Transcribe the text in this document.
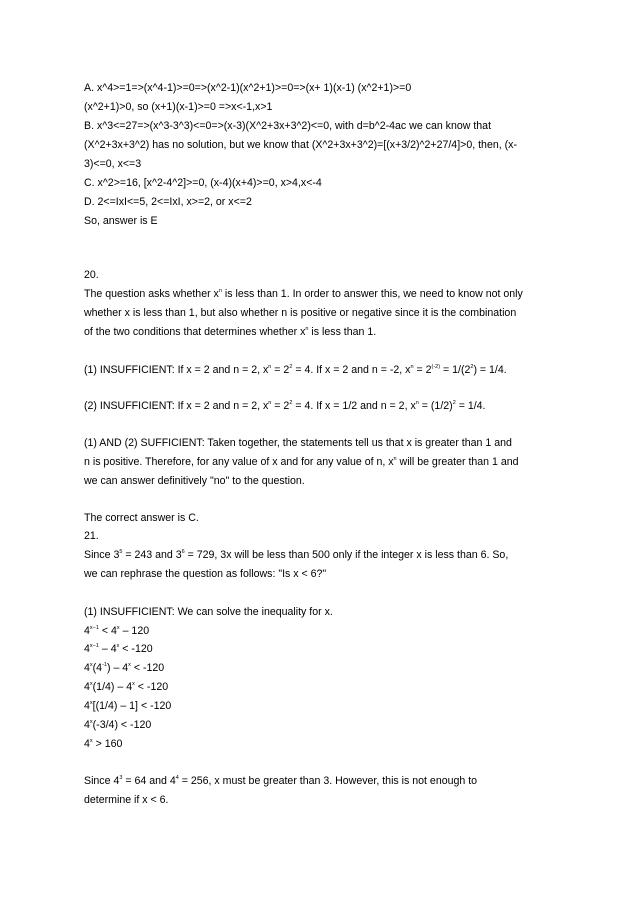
A. x^4>=1=>(x^4-1)>=0=>(x^2-1)(x^2+1)>=0=>(x+ 1)(x-1) (x^2+1)>=0
(x^2+1)>0, so (x+1)(x-1)>=0 =>x<-1,x>1
B. x^3<=27=>(x^3-3^3)<=0=>(x-3)(X^2+3x+3^2)<=0, with d=b^2-4ac we can know that
(X^2+3x+3^2) has no solution, but we know that (X^2+3x+3^2)=[(x+3/2)^2+27/4]>0, then, (x-
3)<=0, x<=3
C. x^2>=16, [x^2-4^2]>=0, (x-4)(x+4)>=0, x>4,x<-4
D. 2<=IxI<=5, 2<=IxI, x>=2, or x<=2
So, answer is E
20.
The question asks whether $x^n$ is less than 1. In order to answer this, we need to know not only
whether x is less than 1, but also whether n is positive or negative since it is the combination
of the two conditions that determines whether $x^n$ is less than 1.
(1) INSUFFICIENT: If x = 2 and n = 2, $x^n = 2^2 = 4$. If x = 2 and n = -2, $x^n = 2^{(-2)} = 1/(2^2) = 1/4$.
(2) INSUFFICIENT: If x = 2 and n = 2, $x^n = 2^2 = 4$. If x = 1/2 and n = 2, $x^n = (1/2)^2 = 1/4$.
(1) AND (2) SUFFICIENT: Taken together, the statements tell us that x is greater than 1 and
n is positive. Therefore, for any value of x and for any value of n, $x^n$ will be greater than 1 and
we can answer definitively "no" to the question.
The correct answer is C.
21.
Since $3^5 = 243$ and $3^6 = 729$, 3x will be less than 500 only if the integer x is less than 6. So,
we can rephrase the question as follows: "Is x < 6?"
(1) INSUFFICIENT: We can solve the inequality for x.
$4^{x-1} < 4^x - 120$
$4^{x-1} - 4^x < -120$
$4^x(4^{-1}) - 4^x < -120$
$4^x(1/4) - 4^x < -120$
4$^x$[(1/4) – 1] < -120
$4^x(-3/4) < -120$
$4^x > 160$
Since $4^3 = 64$ and $4^4 = 256$, x must be greater than 3. However, this is not enough to
determine if x < 6.
